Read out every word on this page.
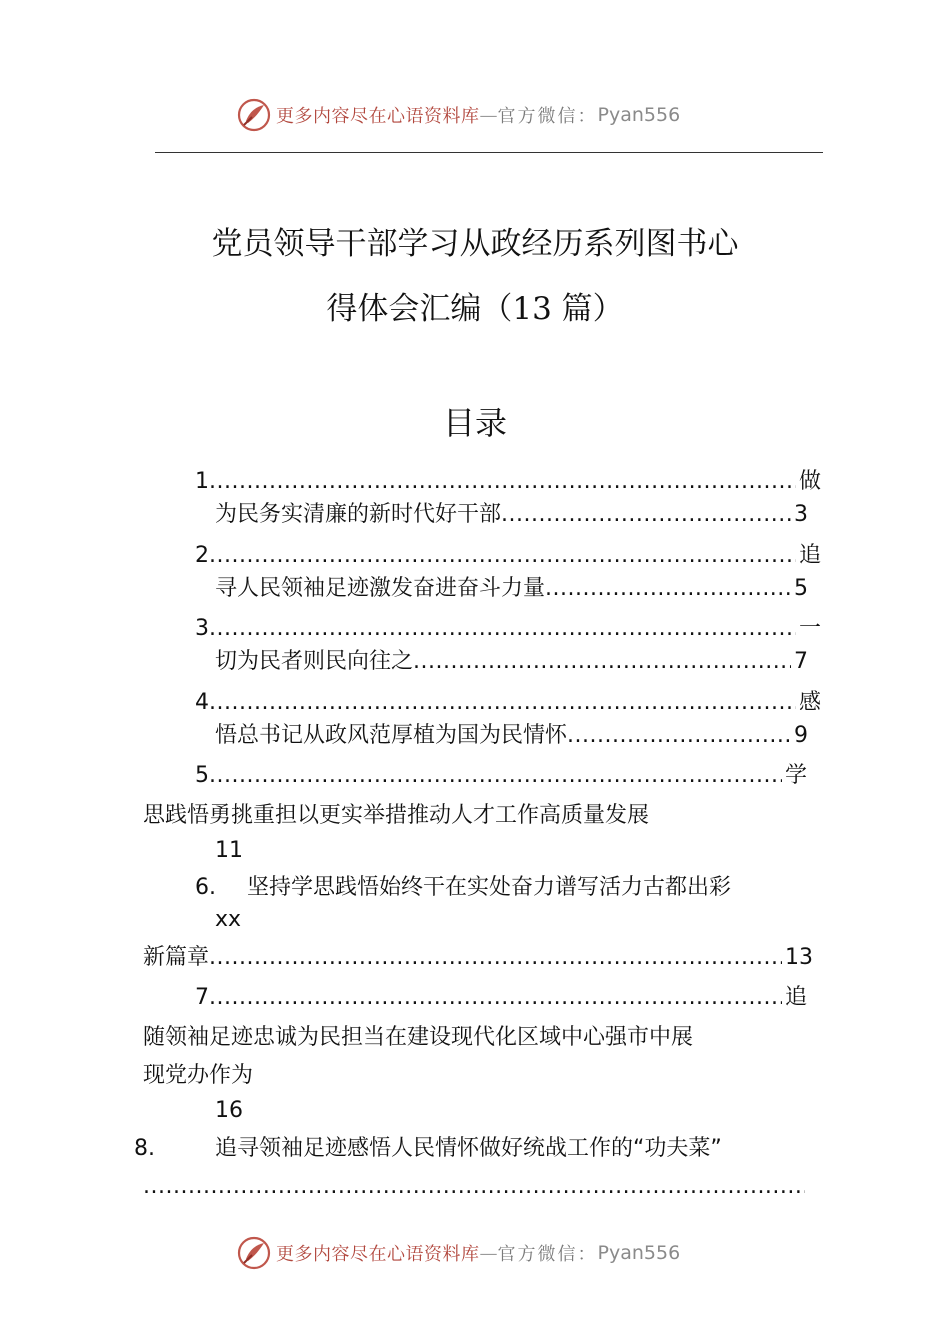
更多内容尽在心语资料库 — 官方微信： Pyan556
党员领导干部学习从政经历系列图书心
得体会汇编（13 篇）
目录
1 .....	做
为民务实清廉的新时代好干部 .....	3
2 .....	追
寻人民领袖足迹激发奋进奋斗力量 .....	5
3 .....	一
切为民者则民向往之 .....	7
4 .....	感
悟总书记从政风范厚植为国为民情怀 .....	9
5 .....	学
思践悟勇挑重担以更实举措推动人才工作高质量发展
11
6. 坚持学思践悟始终干在实处奋力谱写活力古都出彩
xx
新篇章 .....	13
7 .....	追
随领袖足迹忠诚为民担当在建设现代化区域中心强市中展
现党办作为
16
8.	追寻领袖足迹感悟人民情怀做好统战工作的“功夫菜”
.....
更多内容尽在心语资料库 — 官方微信： Pyan556
